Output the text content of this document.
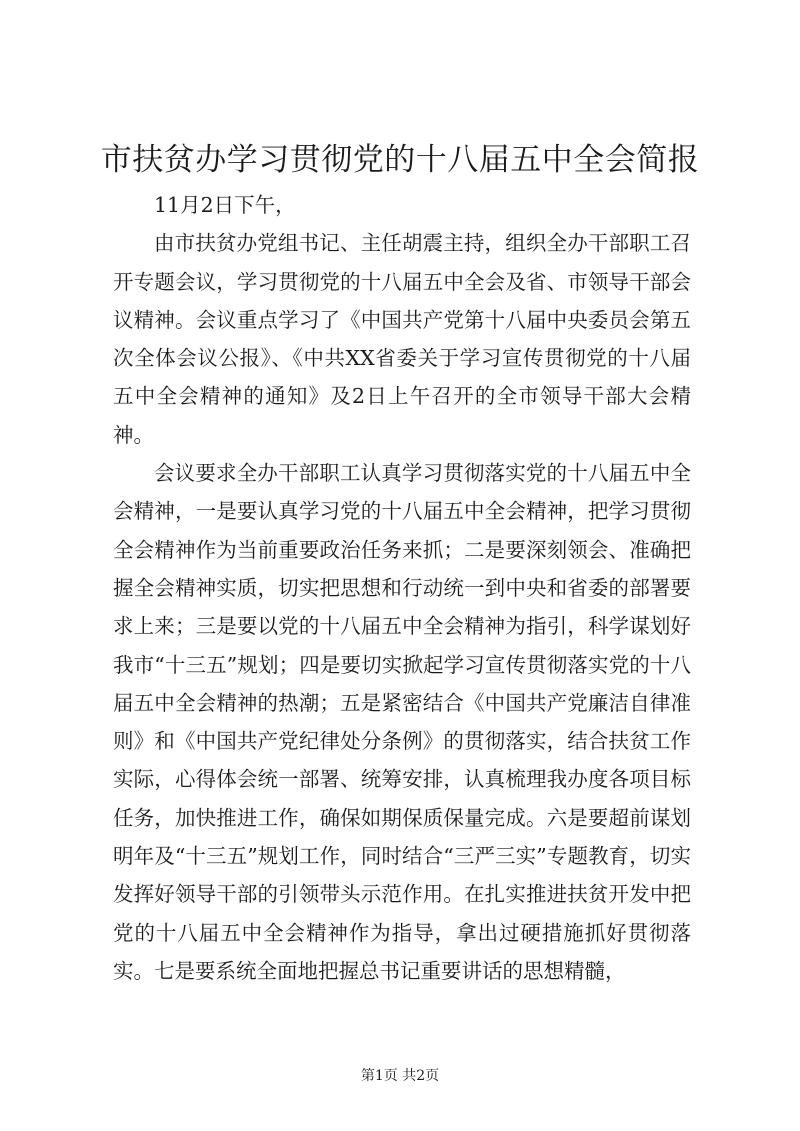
市扶贫办学习贯彻党的十八届五中全会简报

11月2日下午，

由市扶贫办党组书记、主任胡震主持，组织全办干部职工召开专题会议，学习贯彻党的十八届五中全会及省、市领导干部会议精神。会议重点学习了《中国共产党第十八届中央委员会第五次全体会议公报》、《中共XX省委关于学习宣传贯彻党的十八届五中全会精神的通知》及2日上午召开的全市领导干部大会精神。

会议要求全办干部职工认真学习贯彻落实党的十八届五中全会精神，一是要认真学习党的十八届五中全会精神，把学习贯彻全会精神作为当前重要政治任务来抓；二是要深刻领会、准确把握全会精神实质，切实把思想和行动统一到中央和省委的部署要求上来；三是要以党的十八届五中全会精神为指引，科学谋划好我市“十三五”规划；四是要切实掀起学习宣传贯彻落实党的十八届五中全会精神的热潮；五是紧密结合《中国共产党廉洁自律准则》和《中国共产党纪律处分条例》的贯彻落实，结合扶贫工作实际，心得体会统一部署、统筹安排，认真梳理我办度各项目标任务，加快推进工作，确保如期保质保量完成。六是要超前谋划明年及“十三五”规划工作，同时结合“三严三实”专题教育，切实发挥好领导干部的引领带头示范作用。在扎实推进扶贫开发中把党的十八届五中全会精神作为指导，拿出过硬措施抓好贯彻落实。七是要系统全面地把握总书记重要讲话的思想精髓，

第1页 共2页
